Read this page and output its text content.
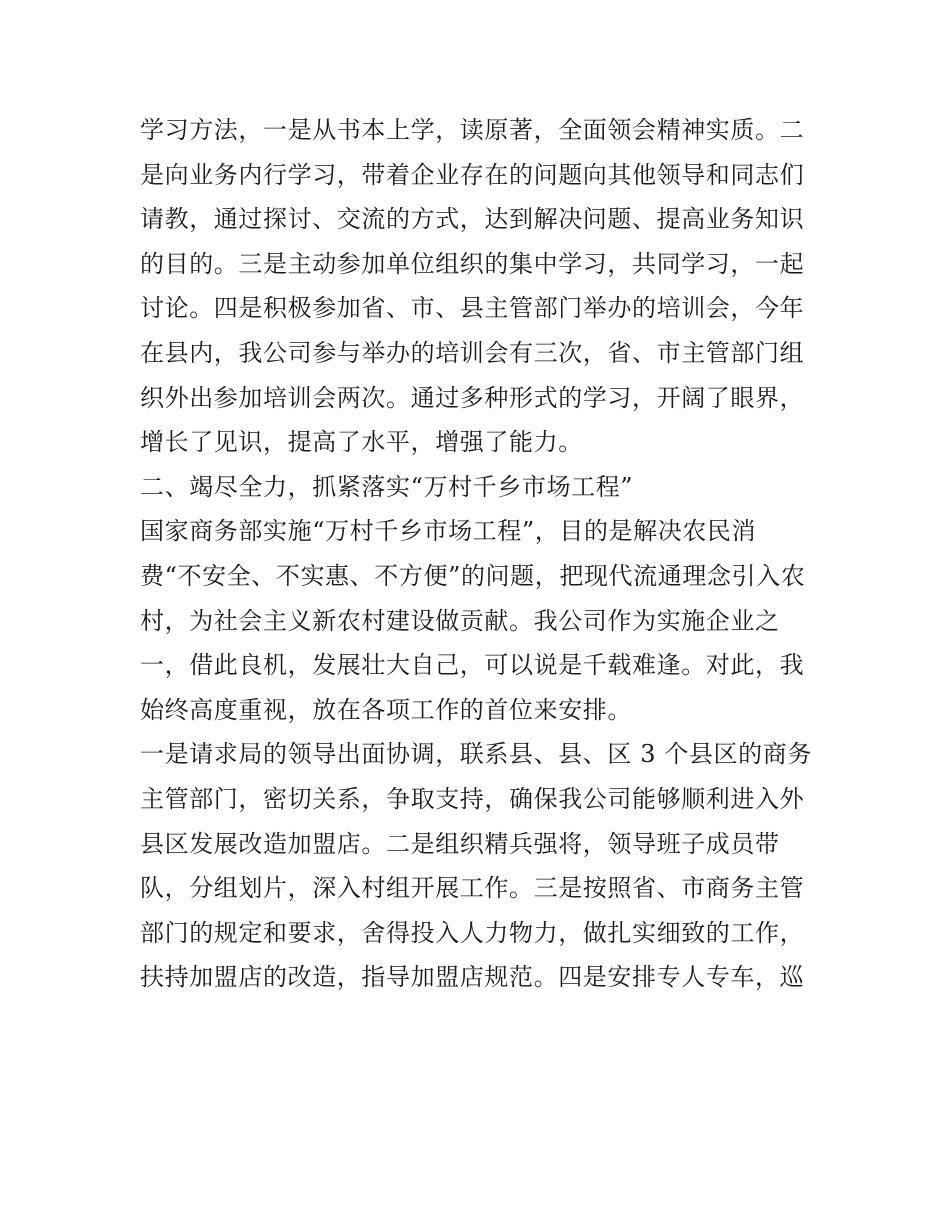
学习方法，一是从书本上学，读原著，全面领会精神实质。二
是向业务内行学习，带着企业存在的问题向其他领导和同志们
请教，通过探讨、交流的方式，达到解决问题、提高业务知识
的目的。三是主动参加单位组织的集中学习，共同学习，一起
讨论。四是积极参加省、市、县主管部门举办的培训会，今年
在县内，我公司参与举办的培训会有三次，省、市主管部门组
织外出参加培训会两次。通过多种形式的学习，开阔了眼界，
增长了见识，提高了水平，增强了能力。
二、竭尽全力，抓紧落实“万村千乡市场工程”
国家商务部实施“万村千乡市场工程”，目的是解决农民消
费“不安全、不实惠、不方便”的问题，把现代流通理念引入农
村，为社会主义新农村建设做贡献。我公司作为实施企业之
一，借此良机，发展壮大自己，可以说是千载难逢。对此，我
始终高度重视，放在各项工作的首位来安排。
一是请求局的领导出面协调，联系县、县、区 3 个县区的商务
主管部门，密切关系，争取支持，确保我公司能够顺利进入外
县区发展改造加盟店。二是组织精兵强将，领导班子成员带
队，分组划片，深入村组开展工作。三是按照省、市商务主管
部门的规定和要求，舍得投入人力物力，做扎实细致的工作，
扶持加盟店的改造，指导加盟店规范。四是安排专人专车，巡
